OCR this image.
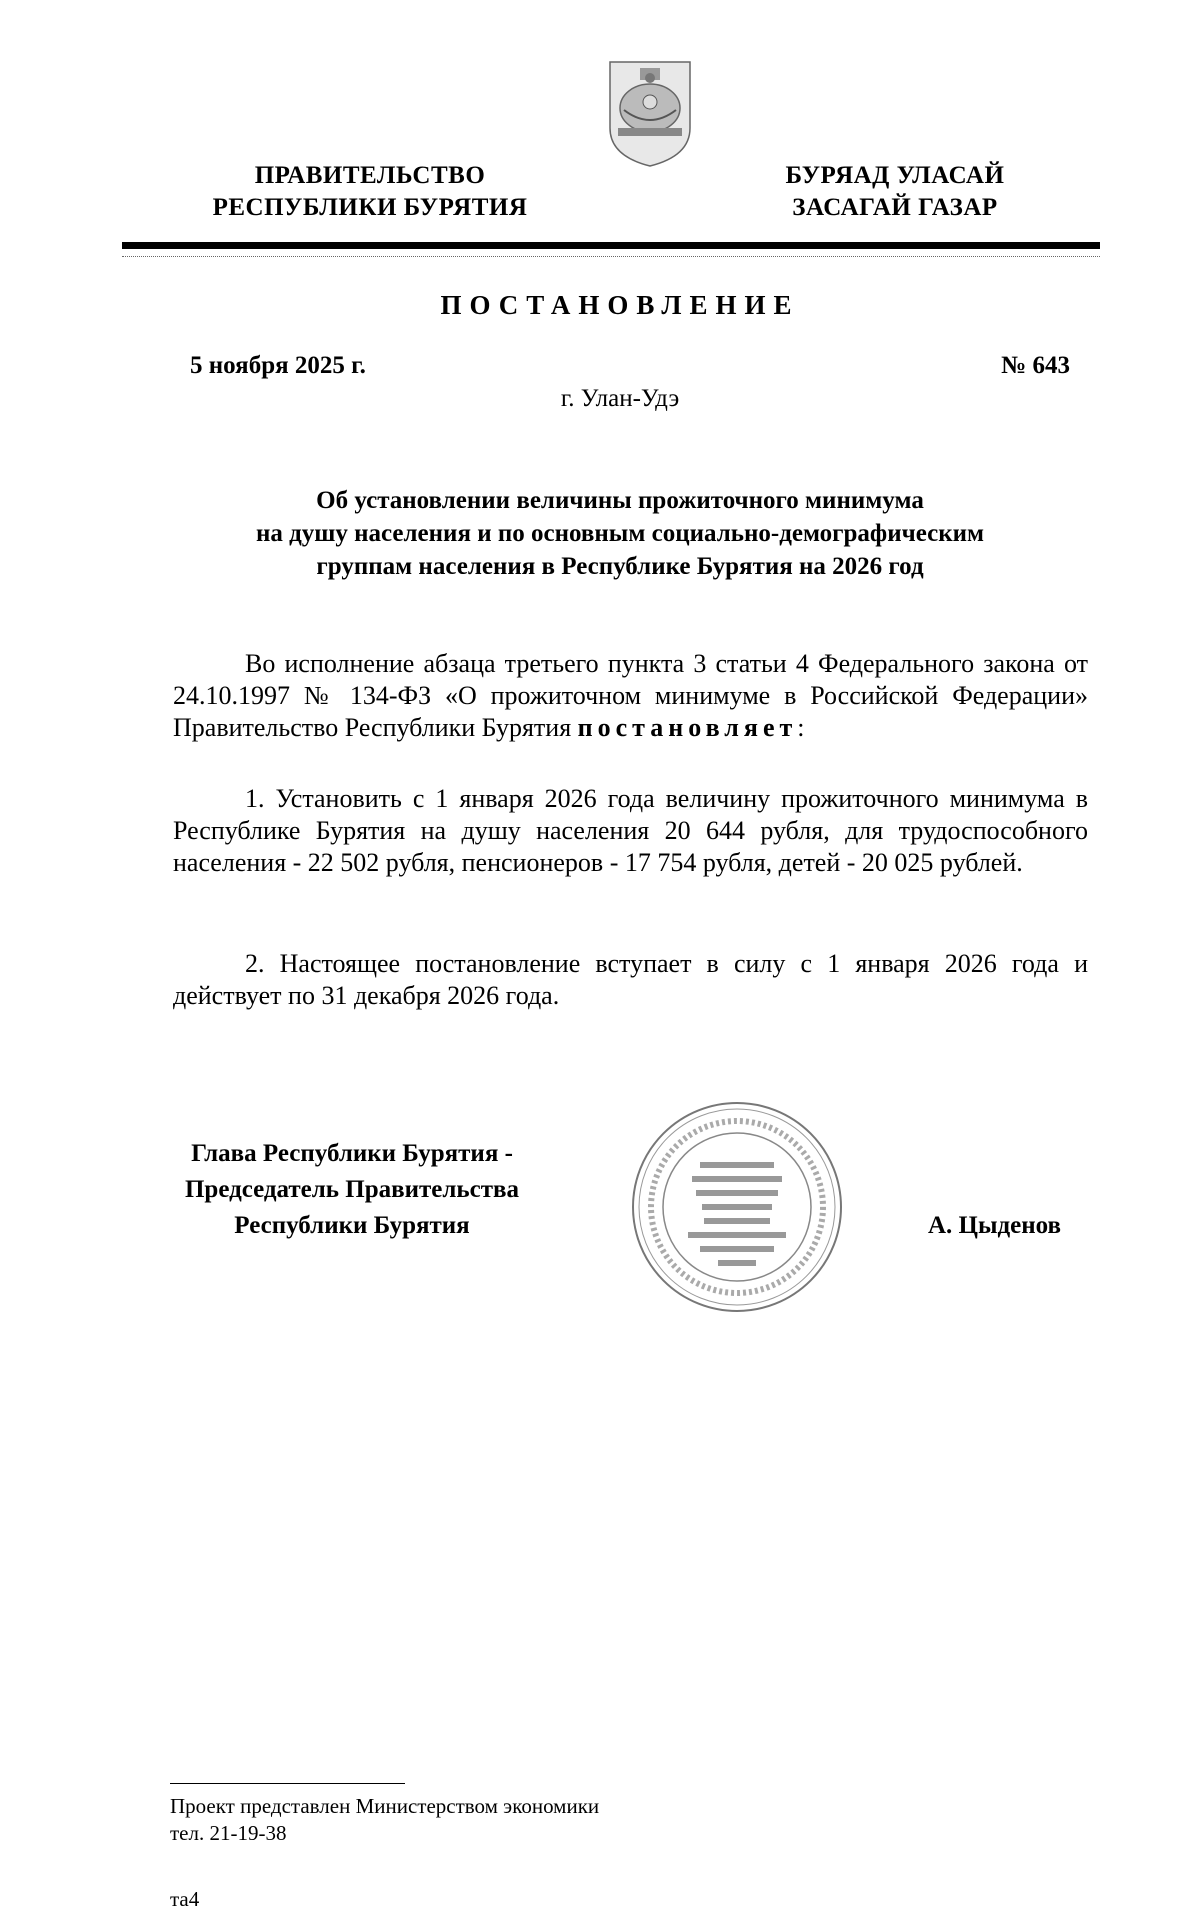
ПРАВИТЕЛЬСТВО
РЕСПУБЛИКИ БУРЯТИЯ
БУРЯАД УЛАСАЙ
ЗАСАГАЙ ГАЗАР
ПОСТАНОВЛЕНИЕ
5 ноября 2025 г.	№ 643
г. Улан-Удэ
Об установлении величины прожиточного минимума
на душу населения и по основным социально-демографическим
группам населения в Республике Бурятия на 2026 год
Во исполнение абзаца третьего пункта 3 статьи 4 Федерального закона от 24.10.1997 № 134-ФЗ «О прожиточном минимуме в Российской Федерации» Правительство Республики Бурятия постановляет:
1. Установить с 1 января 2026 года величину прожиточного минимума в Республике Бурятия на душу населения 20 644 рубля, для трудоспособного населения - 22 502 рубля, пенсионеров - 17 754 рубля, детей - 20 025 рублей.
2. Настоящее постановление вступает в силу с 1 января 2026 года и действует по 31 декабря 2026 года.
Глава Республики Бурятия -
Председатель Правительства
Республики Бурятия	А. Цыденов
Проект представлен Министерством экономики
тел. 21-19-38
та4
